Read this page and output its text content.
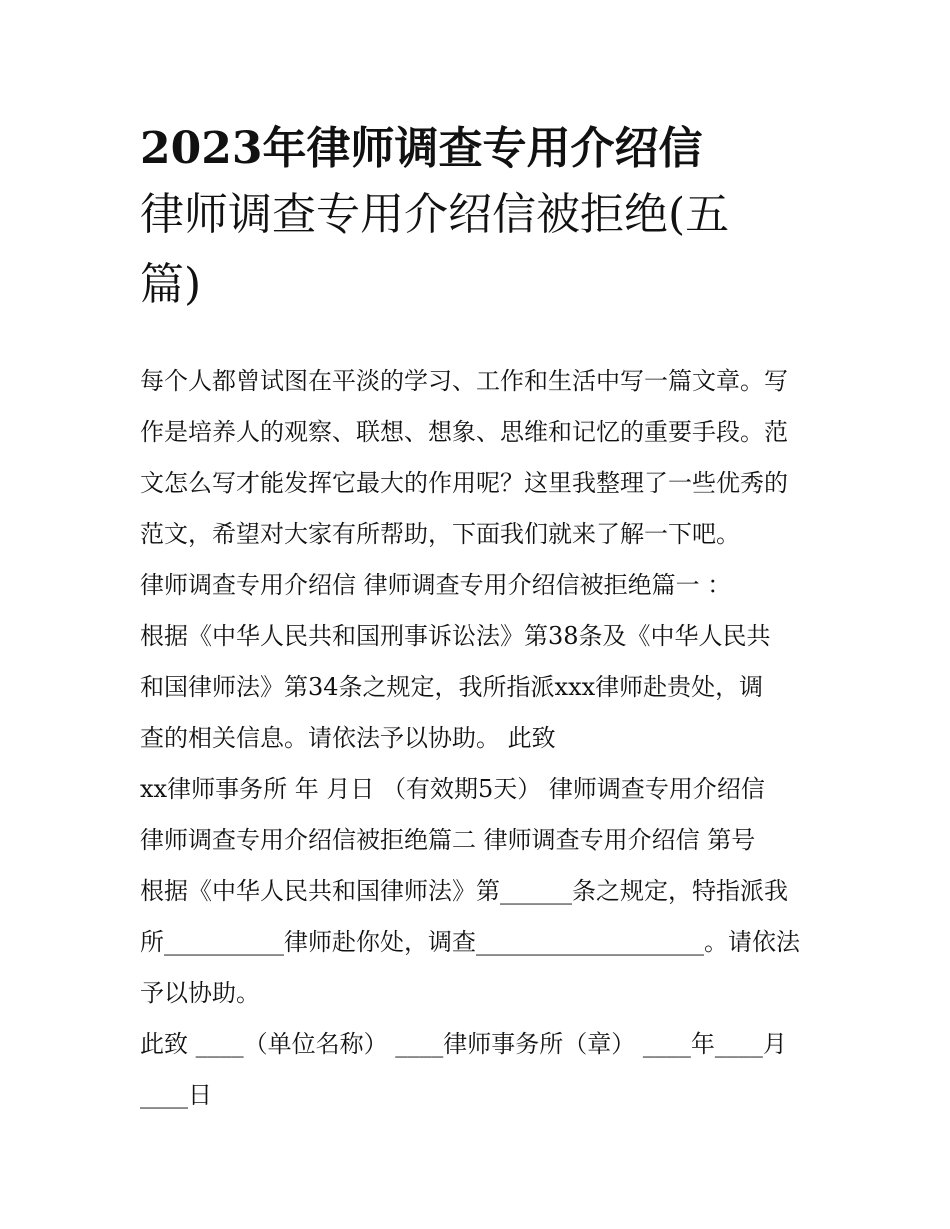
2023年律师调查专用介绍信
律师调查专用介绍信被拒绝(五
篇)
每个人都曾试图在平淡的学习、工作和生活中写一篇文章。写
作是培养人的观察、联想、想象、思维和记忆的重要手段。范
文怎么写才能发挥它最大的作用呢？这里我整理了一些优秀的
范文，希望对大家有所帮助，下面我们就来了解一下吧。
律师调查专用介绍信 律师调查专用介绍信被拒绝篇一 ：
根据《中华人民共和国刑事诉讼法》第38条及《中华人民共
和国律师法》第34条之规定，我所指派xxx律师赴贵处，调
查的相关信息。请依法予以协助。 此致
xx律师事务所 年 月日 （有效期5天） 律师调查专用介绍信
律师调查专用介绍信被拒绝篇二 律师调查专用介绍信 第号
根据《中华人民共和国律师法》第______条之规定，特指派我
所__________律师赴你处，调查___________________。请依法
予以协助。
此致 ____（单位名称） ____律师事务所（章） ____年____月
____日
